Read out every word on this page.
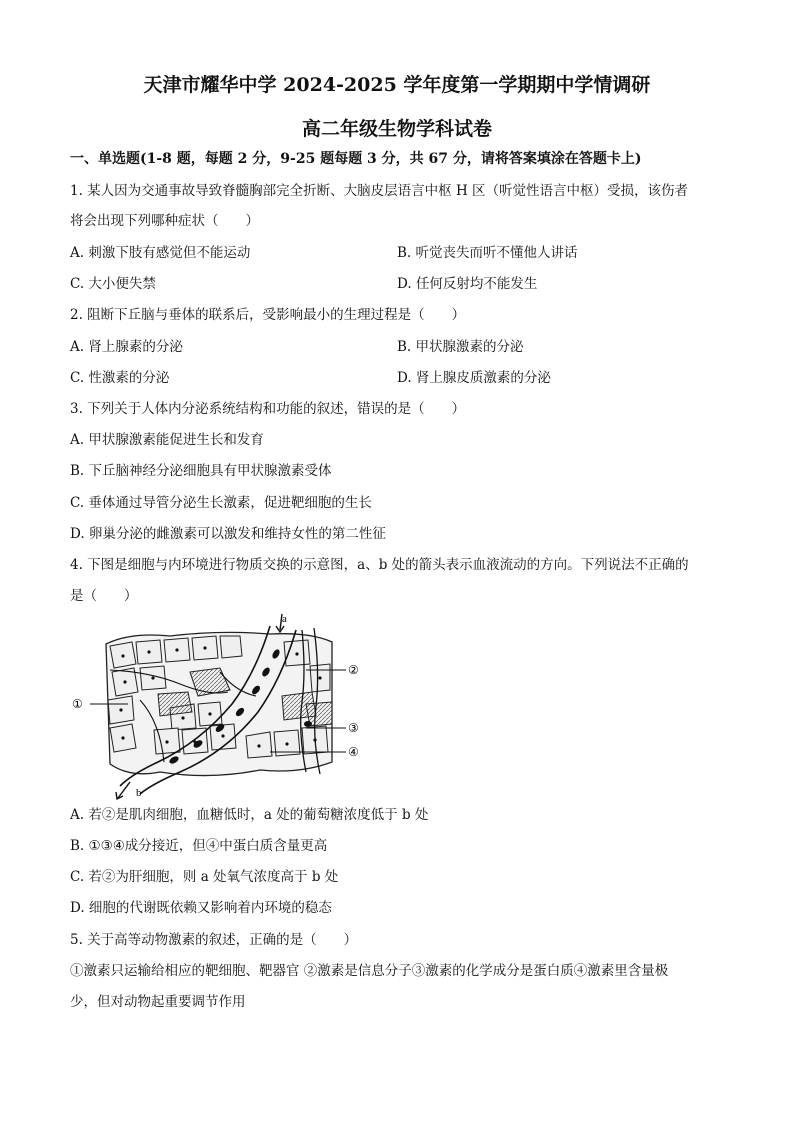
天津市耀华中学 2024-2025 学年度第一学期期中学情调研
高二年级生物学科试卷
一、单选题(1-8 题，每题 2 分，9-25 题每题 3 分，共 67 分，请将答案填涂在答题卡上)
1. 某人因为交通事故导致脊髓胸部完全折断、大脑皮层语言中枢 H 区（听觉性语言中枢）受损，该伤者
将会出现下列哪种症状（　　）
A. 刺激下肢有感觉但不能运动	B. 听觉丧失而听不懂他人讲话
C. 大小便失禁	D. 任何反射均不能发生
2. 阻断下丘脑与垂体的联系后，受影响最小的生理过程是（　　）
A. 肾上腺素的分泌	B. 甲状腺激素的分泌
C. 性激素的分泌	D. 肾上腺皮质激素的分泌
3. 下列关于人体内分泌系统结构和功能的叙述，错误的是（　　）
A. 甲状腺激素能促进生长和发育
B. 下丘脑神经分泌细胞具有甲状腺激素受体
C. 垂体通过导管分泌生长激素，促进靶细胞的生长
D. 卵巢分泌的雌激素可以激发和维持女性的第二性征
4. 下图是细胞与内环境进行物质交换的示意图，a、b 处的箭头表示血液流动的方向。下列说法不正确的
是（　　）
a
b
①
②
③
④
A. 若②是肌肉细胞，血糖低时，a 处的葡萄糖浓度低于 b 处
B. ①③④成分接近，但④中蛋白质含量更高
C. 若②为肝细胞，则 a 处氧气浓度高于 b 处
D. 细胞的代谢既依赖又影响着内环境的稳态
5. 关于高等动物激素的叙述，正确的是（　　）
①激素只运输给相应的靶细胞、靶器官 ②激素是信息分子③激素的化学成分是蛋白质④激素里含量极
少，但对动物起重要调节作用
